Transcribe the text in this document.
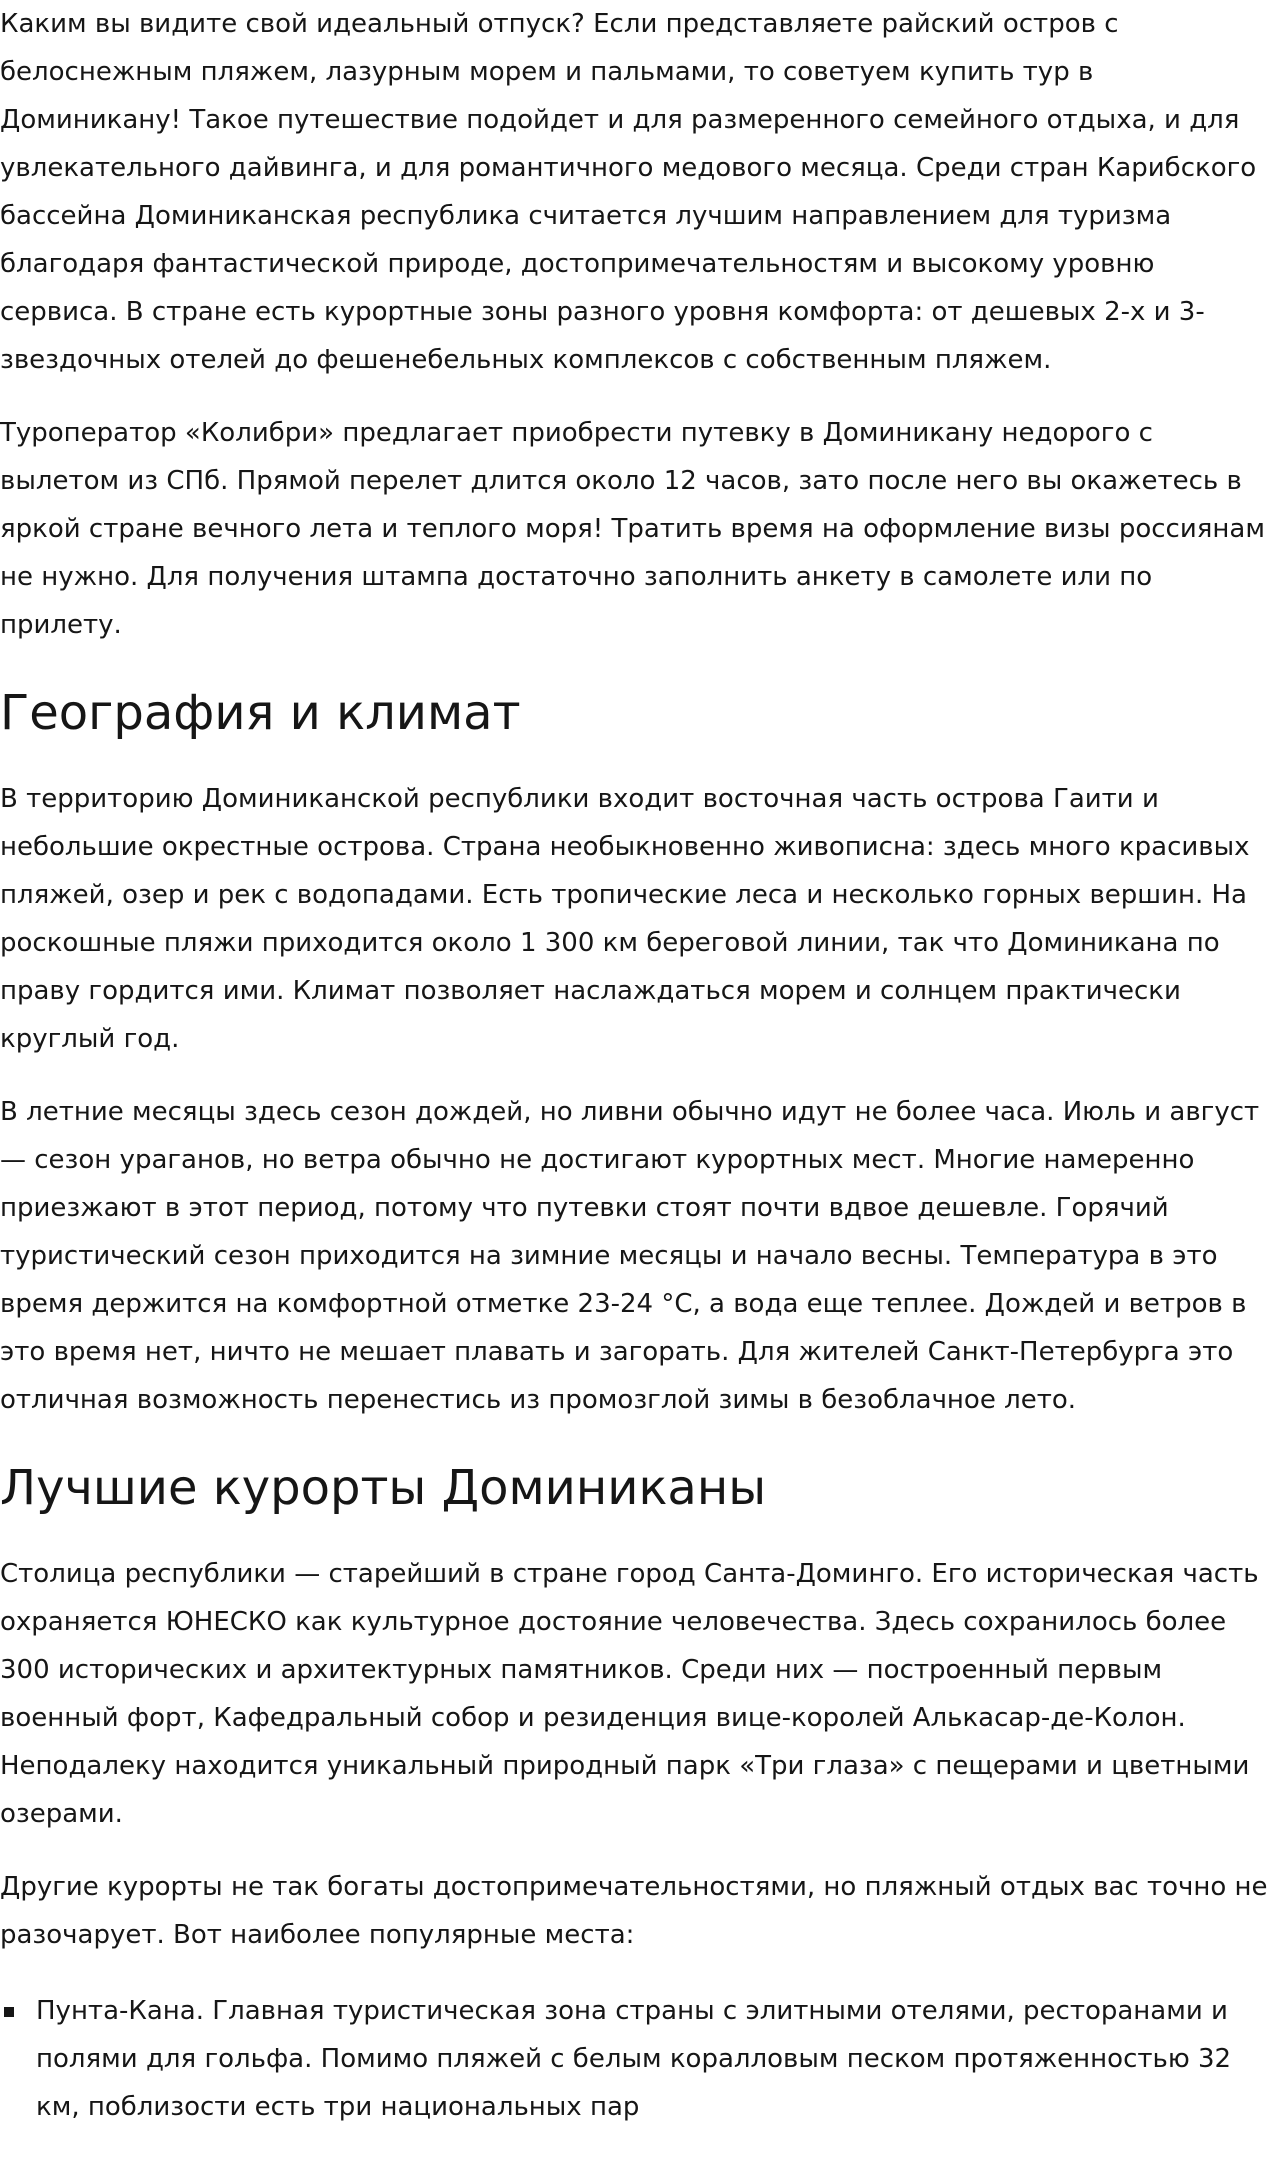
Каким вы видите свой идеальный отпуск? Если представляете райский остров с белоснежным пляжем, лазурным морем и пальмами, то советуем купить тур в Доминикану! Такое путешествие подойдет и для размеренного семейного отдыха, и для увлекательного дайвинга, и для романтичного медового месяца. Среди стран Карибского бассейна Доминиканская республика считается лучшим направлением для туризма благодаря фантастической природе, достопримечательностям и высокому уровню сервиса. В стране есть курортные зоны разного уровня комфорта: от дешевых 2-х и 3-звездочных отелей до фешенебельных комплексов с собственным пляжем.

Туроператор «Колибри» предлагает приобрести путевку в Доминикану недорого с вылетом из СПб. Прямой перелет длится около 12 часов, зато после него вы окажетесь в яркой стране вечного лета и теплого моря! Тратить время на оформление визы россиянам не нужно. Для получения штампа достаточно заполнить анкету в самолете или по прилету.

География и климат

В территорию Доминиканской республики входит восточная часть острова Гаити и небольшие окрестные острова. Страна необыкновенно живописна: здесь много красивых пляжей, озер и рек с водопадами. Есть тропические леса и несколько горных вершин. На роскошные пляжи приходится около 1 300 км береговой линии, так что Доминикана по праву гордится ими. Климат позволяет наслаждаться морем и солнцем практически круглый год.

В летние месяцы здесь сезон дождей, но ливни обычно идут не более часа. Июль и август — сезон ураганов, но ветра обычно не достигают курортных мест. Многие намеренно приезжают в этот период, потому что путевки стоят почти вдвое дешевле. Горячий туристический сезон приходится на зимние месяцы и начало весны. Температура в это время держится на комфортной отметке 23-24 °С, а вода еще теплее. Дождей и ветров в это время нет, ничто не мешает плавать и загорать. Для жителей Санкт-Петербурга это отличная возможность перенестись из промозглой зимы в безоблачное лето.

Лучшие курорты Доминиканы

Столица республики — старейший в стране город Санта-Доминго. Его историческая часть охраняется ЮНЕСКО как культурное достояние человечества. Здесь сохранилось более 300 исторических и архитектурных памятников. Среди них — построенный первым военный форт, Кафедральный собор и резиденция вице-королей Алькасар-де-Колон. Неподалеку находится уникальный природный парк «Три глаза» с пещерами и цветными озерами.

Другие курорты не так богаты достопримечательностями, но пляжный отдых вас точно не разочарует. Вот наиболее популярные места:

Пунта-Кана. Главная туристическая зона страны с элитными отелями, ресторанами и полями для гольфа. Помимо пляжей с белым коралловым песком протяженностью 32 км, поблизости есть три национальных пар
